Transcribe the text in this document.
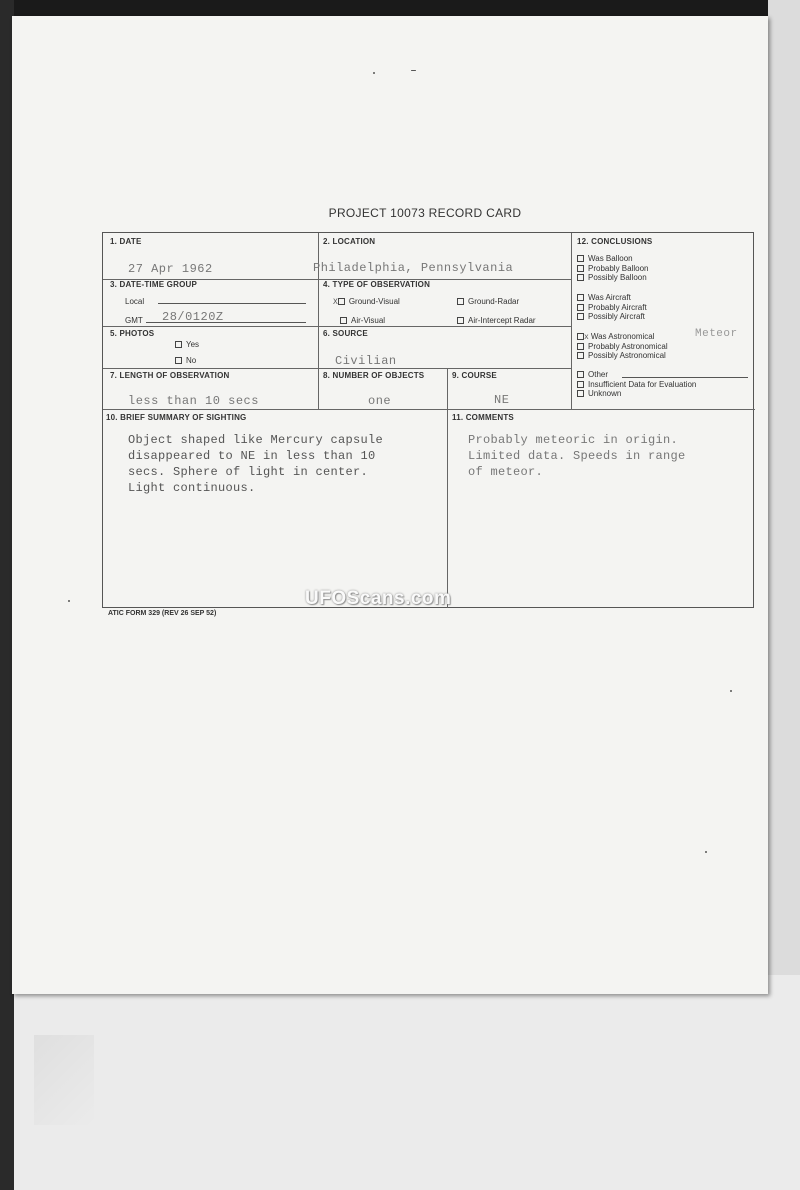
PROJECT 10073 RECORD CARD
1. DATE
27 Apr 1962
2. LOCATION
Philadelphia, Pennsylvania
3. DATE-TIME GROUP
Local
GMT 28/0120Z
4. TYPE OF OBSERVATION
X Ground-Visual	Ground-Radar
Air-Visual	Air-Intercept Radar
5. PHOTOS
Yes
No
6. SOURCE
Civilian
7. LENGTH OF OBSERVATION
less than 10 secs
8. NUMBER OF OBJECTS
one
9. COURSE
NE
12. CONCLUSIONS
Was Balloon
Probably Balloon
Possibly Balloon
Was Aircraft
Probably Aircraft
Possibly Aircraft
x Was Astronomical	Meteor
Probably Astronomical
Possibly Astronomical
Other
Insufficient Data for Evaluation
Unknown
10. BRIEF SUMMARY OF SIGHTING
Object shaped like Mercury capsule
disappeared to NE in less than 10
secs. Sphere of light in center.
Light continuous.
11. COMMENTS
Probably meteoric in origin.
Limited data. Speeds in range
of meteor.
UFOScans.com
ATIC FORM 329 (REV 26 SEP 52)
